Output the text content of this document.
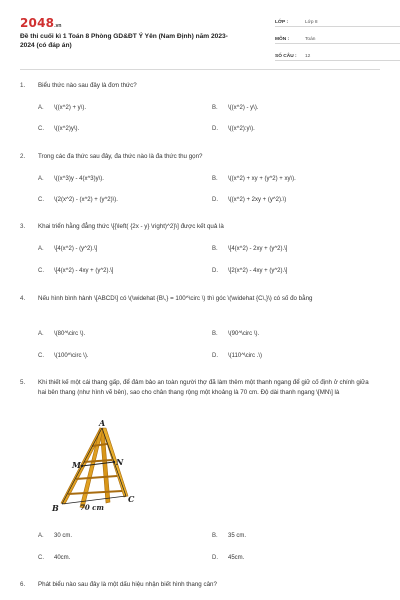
2048.vn
Đề thi cuối kì 1 Toán 8 Phòng GD&ĐT Ý Yên (Nam Định) năm 2023-2024 (có đáp án)
LỚP :	Lớp 8
MÔN :	Toán
SỐ CÂU :	12
1. Biểu thức nào sau đây là đơn thức?
A. \((x^2) + y\).	B. \((x^2) - y\).
C. \((x^2)y\).	D. \((x^2):y\).
2. Trong các đa thức sau đây, đa thức nào là đa thức thu gọn?
A. \((x^3)y - 4(x^3)y\).	B. \((x^2) + xy + (y^2) + xy\).
C. \(2(x^2) - (x^2) + (y^2)\).	D. \((x^2) + 2xy + (y^2).\)
3. Khai triển hằng đẳng thức \[{\left( {2x - y} \right)^2}\] được kết quả là
A. \[4(x^2) - (y^2).\]	B. \[4(x^2) - 2xy + (y^2).\]
C. \[4(x^2) - 4xy + (y^2).\]	D. \[2(x^2) - 4xy + (y^2).\]
4. Nếu hình bình hành \[ABCD\] có \(\widehat {B\,} = 100^\circ \) thì góc \(\widehat {C\,}\) có số đo bằng
A. \(80^\circ \).	B. \(90^\circ \).
C. \(100^\circ \).	D. \(110^\circ .\)
5. Khi thiết kế một cái thang gấp, để đảm bảo an toàn người thợ đã làm thêm một thanh ngang để giữ cố định ở chính giữa hai bên thang (như hình vẽ bên), sao cho chân thang rộng một khoảng là 70 cm. Độ dài thanh ngang \[MN\] là
A
M	N
B
C
70 cm
A. 30 cm.	B. 35 cm.
C. 40cm.	D. 45cm.
6. Phát biểu nào sau đây là một dấu hiệu nhận biết hình thang cân?
